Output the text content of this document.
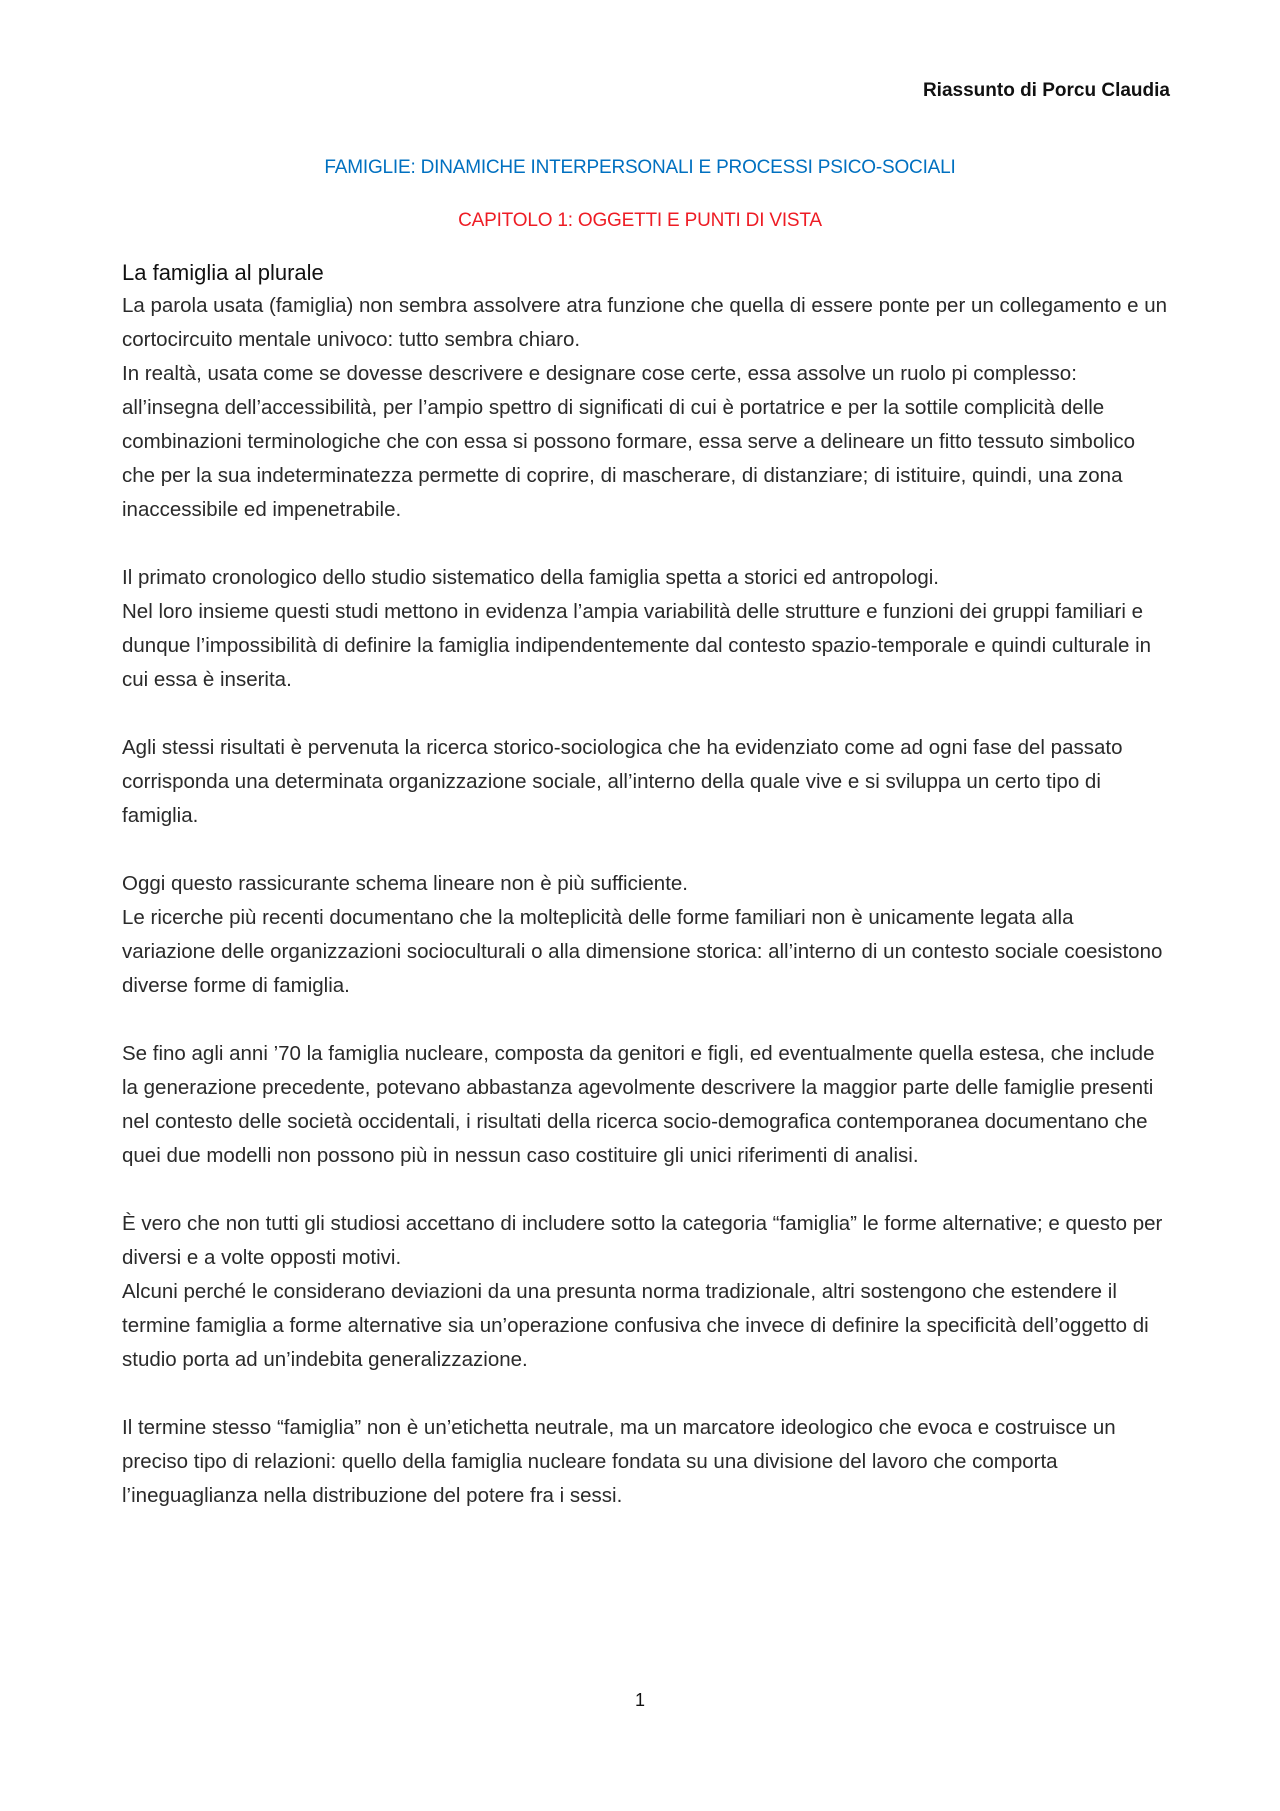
Riassunto di Porcu Claudia
FAMIGLIE: DINAMICHE INTERPERSONALI E PROCESSI PSICO-SOCIALI
CAPITOLO 1: OGGETTI E PUNTI DI VISTA
La famiglia al plurale

La parola usata (famiglia) non sembra assolvere atra funzione che quella di essere ponte per un collegamento e un cortocircuito mentale univoco: tutto sembra chiaro.

In realtà, usata come se dovesse descrivere e designare cose certe, essa assolve un ruolo pi complesso: all’insegna dell’accessibilità, per l’ampio spettro di significati di cui è portatrice e per la sottile complicità delle combinazioni terminologiche che con essa si possono formare, essa serve a delineare un fitto tessuto simbolico che per la sua indeterminatezza permette di coprire, di mascherare, di distanziare; di istituire, quindi, una zona inaccessibile ed impenetrabile.

Il primato cronologico dello studio sistematico della famiglia spetta a storici ed antropologi.

Nel loro insieme questi studi mettono in evidenza l’ampia variabilità delle strutture e funzioni dei gruppi familiari e dunque l’impossibilità di definire la famiglia indipendentemente dal contesto spazio-temporale e quindi culturale in cui essa è inserita.

Agli stessi risultati è pervenuta la ricerca storico-sociologica che ha evidenziato come ad ogni fase del passato corrisponda una determinata organizzazione sociale, all’interno della quale vive e si sviluppa un certo tipo di famiglia.

Oggi questo rassicurante schema lineare non è più sufficiente.

Le ricerche più recenti documentano che la molteplicità delle forme familiari non è unicamente legata alla variazione delle organizzazioni socioculturali o alla dimensione storica: all’interno di un contesto sociale coesistono diverse forme di famiglia.

Se fino agli anni ’70 la famiglia nucleare, composta da genitori e figli, ed eventualmente quella estesa, che include la generazione precedente, potevano abbastanza agevolmente descrivere la maggior parte delle famiglie presenti nel contesto delle società occidentali, i risultati della ricerca socio-demografica contemporanea documentano che quei due modelli non possono più in nessun caso costituire gli unici riferimenti di analisi.

È vero che non tutti gli studiosi accettano di includere sotto la categoria “famiglia” le forme alternative; e questo per diversi e a volte opposti motivi.

Alcuni perché le considerano deviazioni da una presunta norma tradizionale, altri sostengono che estendere il termine famiglia a forme alternative sia un’operazione confusiva che invece di definire la specificità dell’oggetto di studio porta ad un’indebita generalizzazione.

Il termine stesso “famiglia” non è un’etichetta neutrale, ma un marcatore ideologico che evoca e costruisce un preciso tipo di relazioni: quello della famiglia nucleare fondata su una divisione del lavoro che comporta l’ineguaglianza nella distribuzione del potere fra i sessi.

1
